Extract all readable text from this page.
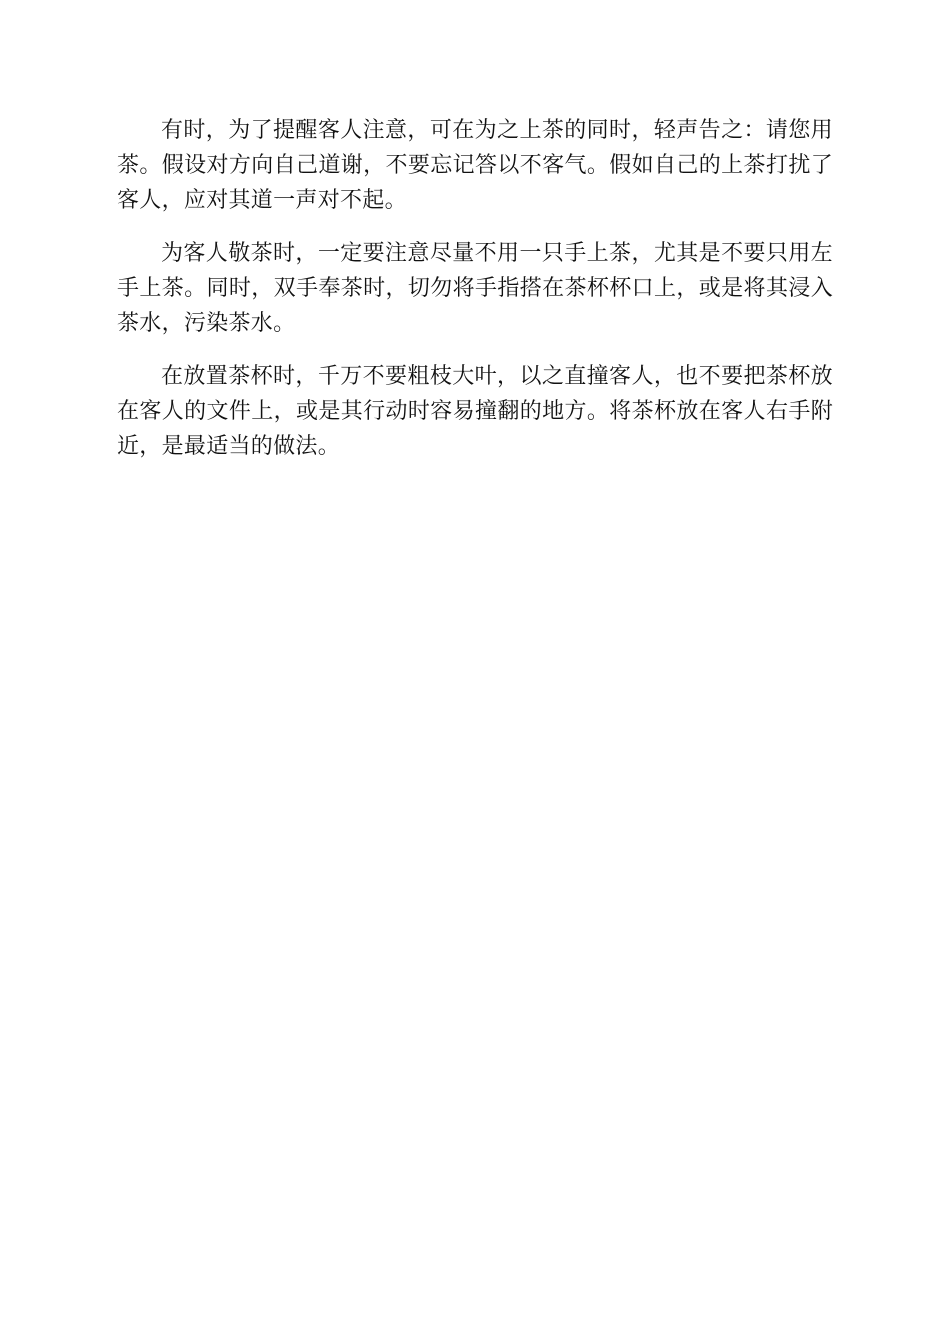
有时，为了提醒客人注意，可在为之上茶的同时，轻声告之：请您用茶。假设对方向自己道谢，不要忘记答以不客气。假如自己的上茶打扰了客人，应对其道一声对不起。

为客人敬茶时，一定要注意尽量不用一只手上茶，尤其是不要只用左手上茶。同时，双手奉茶时，切勿将手指搭在茶杯杯口上，或是将其浸入茶水，污染茶水。

在放置茶杯时，千万不要粗枝大叶，以之直撞客人，也不要把茶杯放在客人的文件上，或是其行动时容易撞翻的地方。将茶杯放在客人右手附近，是最适当的做法。
